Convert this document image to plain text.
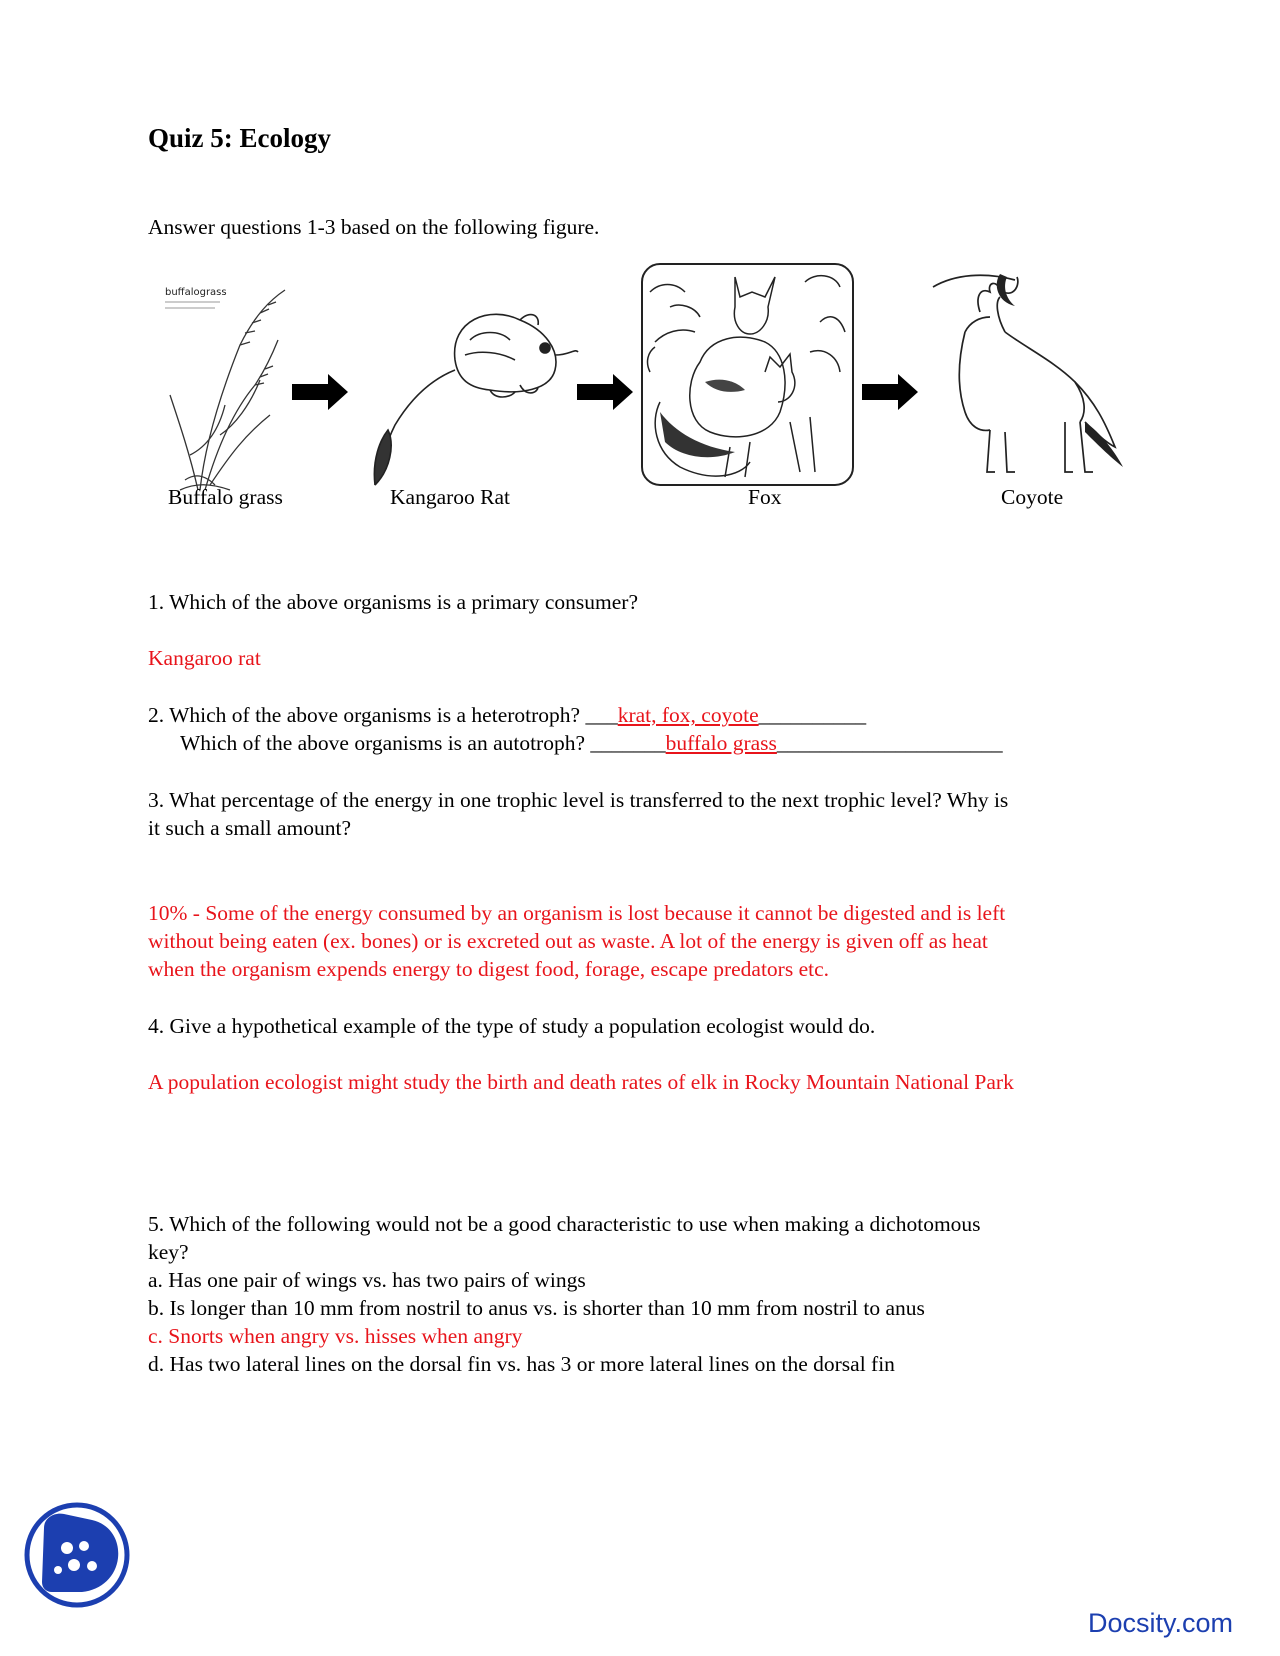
Quiz 5: Ecology
Answer questions 1-3 based on the following figure.
buffalograss
Buffalo grass	Kangaroo Rat	Fox	Coyote
1. Which of the above organisms is a primary consumer?
Kangaroo rat
2. Which of the above organisms is a heterotroph? ___krat, fox, coyote__________
Which of the above organisms is an autotroph? _______buffalo grass_____________________
3. What percentage of the energy in one trophic level is transferred to the next trophic level? Why is
it such a small amount?
10% - Some of the energy consumed by an organism is lost because it cannot be digested and is left
without being eaten (ex. bones) or is excreted out as waste. A lot of the energy is given off as heat
when the organism expends energy to digest food, forage, escape predators etc.
4. Give a hypothetical example of the type of study a population ecologist would do.
A population ecologist might study the birth and death rates of elk in Rocky Mountain National Park
5. Which of the following would not be a good characteristic to use when making a dichotomous
key?
a. Has one pair of wings vs. has two pairs of wings
b. Is longer than 10 mm from nostril to anus vs. is shorter than 10 mm from nostril to anus
c. Snorts when angry vs. hisses when angry
d. Has two lateral lines on the dorsal fin vs. has 3 or more lateral lines on the dorsal fin
Docsity.com
